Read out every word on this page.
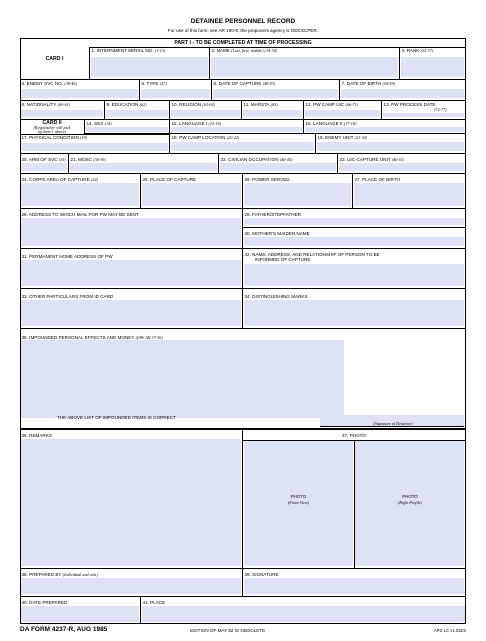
DETAINEE PERSONNEL RECORD
For use of this form, see AR 190-8; the proponent agency is ODCSCPER.
PART I - TO BE COMPLETED AT TIME OF PROCESSING
CARD I
1. INTERNMENT SERIAL NO. (1-13)	2. NAME (Last, first, middle) (14-34)	3. RANK (35-37)
4. ENEMY SVC NO. (38-46)	5. TYPE (47)	6. DATE OF CAPTURE (48-53)	7. DATE OF BIRTH (54-59)
8. NATIONALITY (60-61)	9. EDUCATION (62)	10. RELIGION (63-64)	11. MARSTA (65)	12. PW CAMP UIC (66-71)	13. PW PROCESS DATE
(72-77)
CARD II
(Keypuncher will pick
up Item 1 above)
14. SEX (14)	15. LANGUAGE I (15-16)	16. LANGUAGE II (17-18)
17. PHYSICAL CONDITION (19)	18. PW CAMP LOCATION (20-22)	19. ENEMY UNIT (23-34)
20. ARM OF SVC (35) 21. MOSC (36-39)	22. CIVILIAN OCCUPATION (40-45)	23. UIC-CAPTURE UNIT (46-51)
24. CORPS AREA OF CAPTURE (52)	25. PLACE OF CAPTURE	26. POWER SERVED	27. PLACE OF BIRTH
28. ADDRESS TO WHICH MAIL FOR PW MAY BE SENT	29. FATHER/STEPFATHER
30. MOTHER'S MAIDEN NAME
31. PERMANENT HOME ADDRESS OF PW	32. NAME, ADDRESS, AND RELATIONSHIP OF PERSON TO BE
INFORMED OF CAPTURE
33. OTHER PARTICULARS FROM ID CARD	34. DISTINGUISHING MARKS
35. IMPOUNDED PERSONAL EFFECTS AND MONEY (IAW AR 37-36)
THE ABOVE LIST OF IMPOUNDED ITEMS IS CORRECT
(Signature of Detainee)
36. REMARKS	37. PHOTO
PHOTO
(Front View)
PHOTO
(Right Profile)
38. PREPARED BY (Individual and unit)	39. SIGNATURE
40. DATE PREPARED	41. PLACE
DA FORM 4237-R, AUG 1985	EDITION OF MAY 82 IS OBSOLETE	APD LC v1.01ES
